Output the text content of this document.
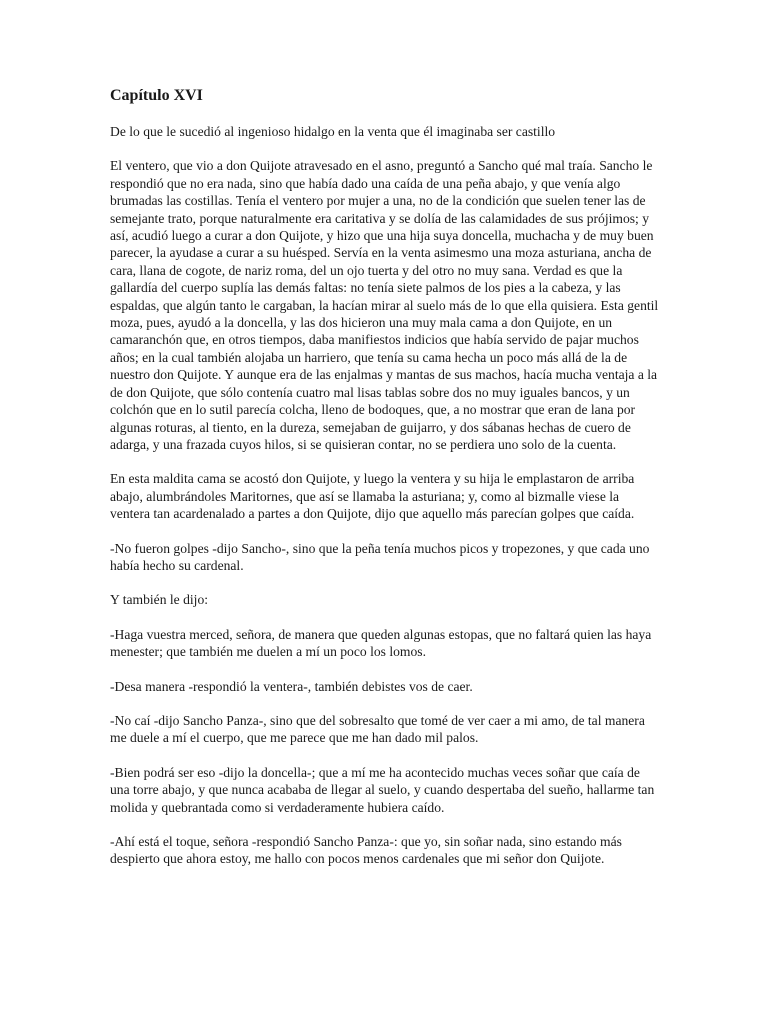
Capítulo XVI

De lo que le sucedió al ingenioso hidalgo en la venta que él imaginaba ser castillo

El ventero, que vio a don Quijote atravesado en el asno, preguntó a Sancho qué mal traía. Sancho le respondió que no era nada, sino que había dado una caída de una peña abajo, y que venía algo brumadas las costillas. Tenía el ventero por mujer a una, no de la condición que suelen tener las de semejante trato, porque naturalmente era caritativa y se dolía de las calamidades de sus prójimos; y así, acudió luego a curar a don Quijote, y hizo que una hija suya doncella, muchacha y de muy buen parecer, la ayudase a curar a su huésped. Servía en la venta asimesmo una moza asturiana, ancha de cara, llana de cogote, de nariz roma, del un ojo tuerta y del otro no muy sana. Verdad es que la gallardía del cuerpo suplía las demás faltas: no tenía siete palmos de los pies a la cabeza, y las espaldas, que algún tanto le cargaban, la hacían mirar al suelo más de lo que ella quisiera. Esta gentil moza, pues, ayudó a la doncella, y las dos hicieron una muy mala cama a don Quijote, en un camaranchón que, en otros tiempos, daba manifiestos indicios que había servido de pajar muchos años; en la cual también alojaba un harriero, que tenía su cama hecha un poco más allá de la de nuestro don Quijote. Y aunque era de las enjalmas y mantas de sus machos, hacía mucha ventaja a la de don Quijote, que sólo contenía cuatro mal lisas tablas sobre dos no muy iguales bancos, y un colchón que en lo sutil parecía colcha, lleno de bodoques, que, a no mostrar que eran de lana por algunas roturas, al tiento, en la dureza, semejaban de guijarro, y dos sábanas hechas de cuero de adarga, y una frazada cuyos hilos, si se quisieran contar, no se perdiera uno solo de la cuenta.

En esta maldita cama se acostó don Quijote, y luego la ventera y su hija le emplastaron de arriba abajo, alumbrándoles Maritornes, que así se llamaba la asturiana; y, como al bizmalle viese la ventera tan acardenalado a partes a don Quijote, dijo que aquello más parecían golpes que caída.

-No fueron golpes -dijo Sancho-, sino que la peña tenía muchos picos y tropezones, y que cada uno había hecho su cardenal.

Y también le dijo:

-Haga vuestra merced, señora, de manera que queden algunas estopas, que no faltará quien las haya menester; que también me duelen a mí un poco los lomos.

-Desa manera -respondió la ventera-, también debistes vos de caer.

-No caí -dijo Sancho Panza-, sino que del sobresalto que tomé de ver caer a mi amo, de tal manera me duele a mí el cuerpo, que me parece que me han dado mil palos.

-Bien podrá ser eso -dijo la doncella-; que a mí me ha acontecido muchas veces soñar que caía de una torre abajo, y que nunca acababa de llegar al suelo, y cuando despertaba del sueño, hallarme tan molida y quebrantada como si verdaderamente hubiera caído.

-Ahí está el toque, señora -respondió Sancho Panza-: que yo, sin soñar nada, sino estando más despierto que ahora estoy, me hallo con pocos menos cardenales que mi señor don Quijote.
